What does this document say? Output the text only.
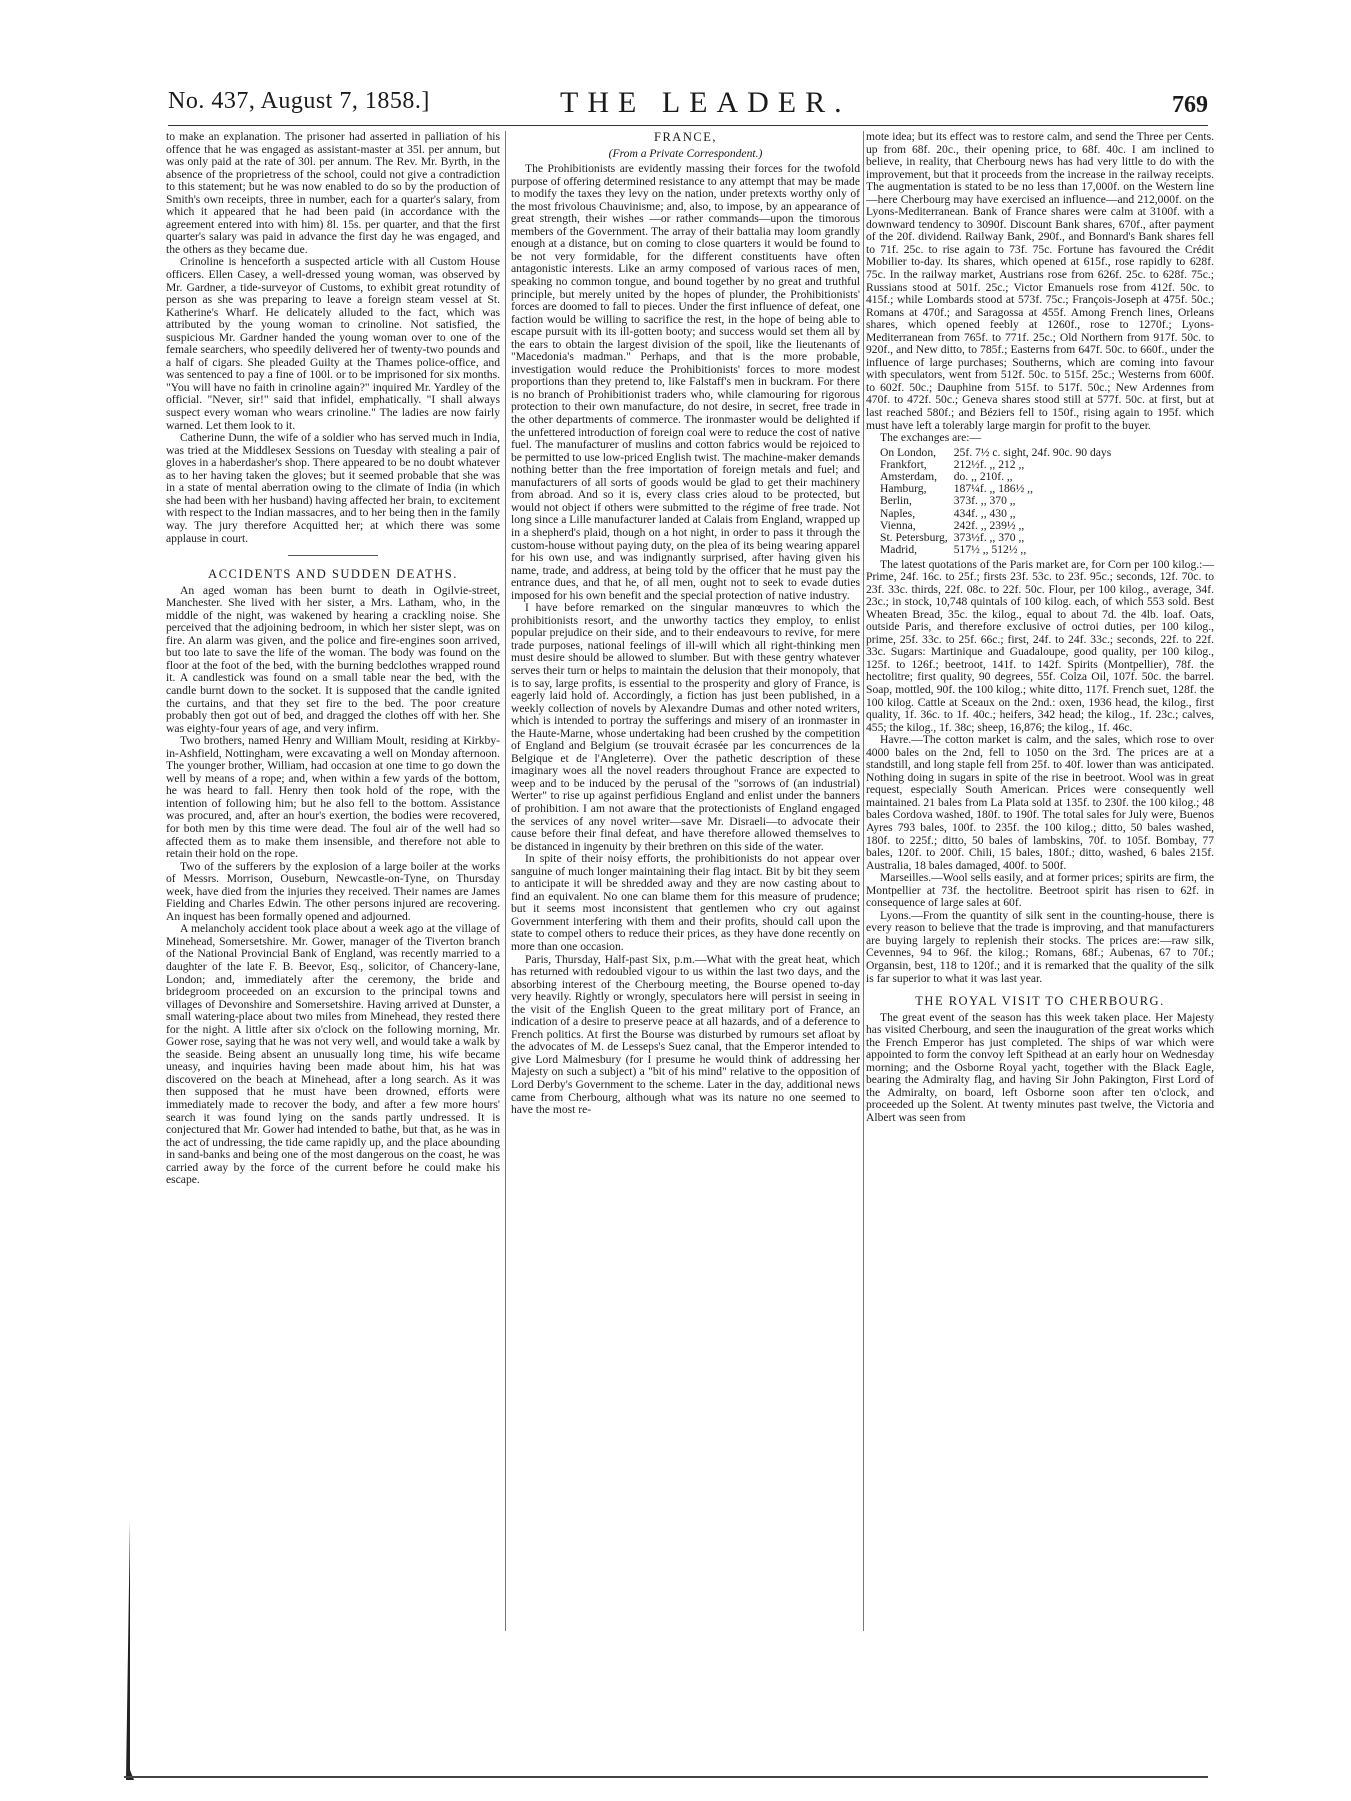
No. 437, August 7, 1858.]	THE LEADER.	769

to make an explanation. The prisoner had asserted in palliation of his offence that he was engaged as assistant-master at 35l. per annum, but was only paid at the rate of 30l. per annum. The Rev. Mr. Byrth, in the absence of the proprietress of the school, could not give a contradiction to this statement; but he was now enabled to do so by the production of Smith's own receipts, three in number, each for a quarter's salary, from which it appeared that he had been paid (in accordance with the agreement entered into with him) 8l. 15s. per quarter, and that the first quarter's salary was paid in advance the first day he was engaged, and the others as they became due.

Crinoline is henceforth a suspected article with all Custom House officers. Ellen Casey, a well-dressed young woman, was observed by Mr. Gardner, a tide-surveyor of Customs, to exhibit great rotundity of person as she was preparing to leave a foreign steam vessel at St. Katherine's Wharf. He delicately alluded to the fact, which was attributed by the young woman to crinoline. Not satisfied, the suspicious Mr. Gardner handed the young woman over to one of the female searchers, who speedily delivered her of twenty-two pounds and a half of cigars. She pleaded Guilty at the Thames police-office, and was sentenced to pay a fine of 100l. or to be imprisoned for six months. "You will have no faith in crinoline again?" inquired Mr. Yardley of the official. "Never, sir!" said that infidel, emphatically. "I shall always suspect every woman who wears crinoline." The ladies are now fairly warned. Let them look to it.

Catherine Dunn, the wife of a soldier who has served much in India, was tried at the Middlesex Sessions on Tuesday with stealing a pair of gloves in a haberdasher's shop. There appeared to be no doubt whatever as to her having taken the gloves; but it seemed probable that she was in a state of mental aberration owing to the climate of India (in which she had been with her husband) having affected her brain, to excitement with respect to the Indian massacres, and to her being then in the family way. The jury therefore Acquitted her; at which there was some applause in court.

ACCIDENTS AND SUDDEN DEATHS.

An aged woman has been burnt to death in Ogilvie-street, Manchester. She lived with her sister, a Mrs. Latham, who, in the middle of the night, was wakened by hearing a crackling noise. She perceived that the adjoining bedroom, in which her sister slept, was on fire. An alarm was given, and the police and fire-engines soon arrived, but too late to save the life of the woman. The body was found on the floor at the foot of the bed, with the burning bedclothes wrapped round it. A candlestick was found on a small table near the bed, with the candle burnt down to the socket. It is supposed that the candle ignited the curtains, and that they set fire to the bed. The poor creature probably then got out of bed, and dragged the clothes off with her. She was eighty-four years of age, and very infirm.

Two brothers, named Henry and William Moult, residing at Kirkby-in-Ashfield, Nottingham, were excavating a well on Monday afternoon. The younger brother, William, had occasion at one time to go down the well by means of a rope; and, when within a few yards of the bottom, he was heard to fall. Henry then took hold of the rope, with the intention of following him; but he also fell to the bottom. Assistance was procured, and, after an hour's exertion, the bodies were recovered, for both men by this time were dead. The foul air of the well had so affected them as to make them insensible, and therefore not able to retain their hold on the rope.

Two of the sufferers by the explosion of a large boiler at the works of Messrs. Morrison, Ouseburn, Newcastle-on-Tyne, on Thursday week, have died from the injuries they received. Their names are James Fielding and Charles Edwin. The other persons injured are recovering. An inquest has been formally opened and adjourned.

A melancholy accident took place about a week ago at the village of Minehead, Somersetshire. Mr. Gower, manager of the Tiverton branch of the National Provincial Bank of England, was recently married to a daughter of the late F. B. Beevor, Esq., solicitor, of Chancery-lane, London; and, immediately after the ceremony, the bride and bridegroom proceeded on an excursion to the principal towns and villages of Devonshire and Somersetshire. Having arrived at Dunster, a small watering-place about two miles from Minehead, they rested there for the night. A little after six o'clock on the following morning, Mr. Gower rose, saying that he was not very well, and would take a walk by the seaside. Being absent an unusually long time, his wife became uneasy, and inquiries having been made about him, his hat was discovered on the beach at Minehead, after a long search. As it was then supposed that he must have been drowned, efforts were immediately made to recover the body, and after a few more hours' search it was found lying on the sands partly undressed. It is conjectured that Mr. Gower had intended to bathe, but that, as he was in the act of undressing, the tide came rapidly up, and the place abounding in sand-banks and being one of the most dangerous on the coast, he was carried away by the force of the current before he could make his escape.

FRANCE,

(From a Private Correspondent.)

The Prohibitionists are evidently massing their forces for the twofold purpose of offering determined resistance to any attempt that may be made to modify the taxes they levy on the nation, under pretexts worthy only of the most frivolous Chauvinisme; and, also, to impose, by an appearance of great strength, their wishes —or rather commands—upon the timorous members of the Government. The array of their battalia may loom grandly enough at a distance, but on coming to close quarters it would be found to be not very formidable, for the different constituents have often antagonistic interests. Like an army composed of various races of men, speaking no common tongue, and bound together by no great and truthful principle, but merely united by the hopes of plunder, the Prohibitionists' forces are doomed to fall to pieces. Under the first influence of defeat, one faction would be willing to sacrifice the rest, in the hope of being able to escape pursuit with its ill-gotten booty; and success would set them all by the ears to obtain the largest division of the spoil, like the lieutenants of "Macedonia's madman." Perhaps, and that is the more probable, investigation would reduce the Prohibitionists' forces to more modest proportions than they pretend to, like Falstaff's men in buckram. For there is no branch of Prohibitionist traders who, while clamouring for rigorous protection to their own manufacture, do not desire, in secret, free trade in the other departments of commerce. The ironmaster would be delighted if the unfettered introduction of foreign coal were to reduce the cost of native fuel. The manufacturer of muslins and cotton fabrics would be rejoiced to be permitted to use low-priced English twist. The machine-maker demands nothing better than the free importation of foreign metals and fuel; and manufacturers of all sorts of goods would be glad to get their machinery from abroad. And so it is, every class cries aloud to be protected, but would not object if others were submitted to the régime of free trade. Not long since a Lille manufacturer landed at Calais from England, wrapped up in a shepherd's plaid, though on a hot night, in order to pass it through the custom-house without paying duty, on the plea of its being wearing apparel for his own use, and was indignantly surprised, after having given his name, trade, and address, at being told by the officer that he must pay the entrance dues, and that he, of all men, ought not to seek to evade duties imposed for his own benefit and the special protection of native industry.

I have before remarked on the singular manœuvres to which the prohibitionists resort, and the unworthy tactics they employ, to enlist popular prejudice on their side, and to their endeavours to revive, for mere trade purposes, national feelings of ill-will which all right-thinking men must desire should be allowed to slumber. But with these gentry whatever serves their turn or helps to maintain the delusion that their monopoly, that is to say, large profits, is essential to the prosperity and glory of France, is eagerly laid hold of. Accordingly, a fiction has just been published, in a weekly collection of novels by Alexandre Dumas and other noted writers, which is intended to portray the sufferings and misery of an ironmaster in the Haute-Marne, whose undertaking had been crushed by the competition of England and Belgium (se trouvait écrasée par les concurrences de la Belgique et de l'Angleterre). Over the pathetic description of these imaginary woes all the novel readers throughout France are expected to weep and to be induced by the perusal of the "sorrows of (an industrial) Werter" to rise up against perfidious England and enlist under the banners of prohibition. I am not aware that the protectionists of England engaged the services of any novel writer—save Mr. Disraeli—to advocate their cause before their final defeat, and have therefore allowed themselves to be distanced in ingenuity by their brethren on this side of the water.

In spite of their noisy efforts, the prohibitionists do not appear over sanguine of much longer maintaining their flag intact. Bit by bit they seem to anticipate it will be shredded away and they are now casting about to find an equivalent. No one can blame them for this measure of prudence; but it seems most inconsistent that gentlemen who cry out against Government interfering with them and their profits, should call upon the state to compel others to reduce their prices, as they have done recently on more than one occasion.

Paris, Thursday, Half-past Six, p.m.—What with the great heat, which has returned with redoubled vigour to us within the last two days, and the absorbing interest of the Cherbourg meeting, the Bourse opened to-day very heavily. Rightly or wrongly, speculators here will persist in seeing in the visit of the English Queen to the great military port of France, an indication of a desire to preserve peace at all hazards, and of a deference to French politics. At first the Bourse was disturbed by rumours set afloat by the advocates of M. de Lesseps's Suez canal, that the Emperor intended to give Lord Malmesbury (for I presume he would think of addressing her Majesty on such a subject) a "bit of his mind" relative to the opposition of Lord Derby's Government to the scheme. Later in the day, additional news came from Cherbourg, although what was its nature no one seemed to have the most re-

mote idea; but its effect was to restore calm, and send the Three per Cents. up from 68f. 20c., their opening price, to 68f. 40c. I am inclined to believe, in reality, that Cherbourg news has had very little to do with the improvement, but that it proceeds from the increase in the railway receipts. The augmentation is stated to be no less than 17,000f. on the Western line—here Cherbourg may have exercised an influence—and 212,000f. on the Lyons-Mediterranean. Bank of France shares were calm at 3100f. with a downward tendency to 3090f. Discount Bank shares, 670f., after payment of the 20f. dividend. Railway Bank, 290f., and Bonnard's Bank shares fell to 71f. 25c. to rise again to 73f. 75c. Fortune has favoured the Crédit Mobilier to-day. Its shares, which opened at 615f., rose rapidly to 628f. 75c. In the railway market, Austrians rose from 626f. 25c. to 628f. 75c.; Russians stood at 501f. 25c.; Victor Emanuels rose from 412f. 50c. to 415f.; while Lombards stood at 573f. 75c.; François-Joseph at 475f. 50c.; Romans at 470f.; and Saragossa at 455f. Among French lines, Orleans shares, which opened feebly at 1260f., rose to 1270f.; Lyons-Mediterranean from 765f. to 771f. 25c.; Old Northern from 917f. 50c. to 920f., and New ditto, to 785f.; Easterns from 647f. 50c. to 660f., under the influence of large purchases; Southerns, which are coming into favour with speculators, went from 512f. 50c. to 515f. 25c.; Westerns from 600f. to 602f. 50c.; Dauphine from 515f. to 517f. 50c.; New Ardennes from 470f. to 472f. 50c.; Geneva shares stood still at 577f. 50c. at first, but at last reached 580f.; and Béziers fell to 150f., rising again to 195f. which must have left a tolerably large margin for profit to the buyer.

The exchanges are:—

On London,	25f. 7½ c. sight, 24f. 90c. 90 days
Frankfort,	212½f. ,, 212 ,,
Amsterdam,	do. ,, 210f. ,,
Hamburg,	187¼f. ,, 186½ ,,
Berlin,	373f. ,, 370 ,,
Naples,	434f. ,, 430 ,,
Vienna,	242f. ,, 239½ ,,
St. Petersburg,	373½f. ,, 370 ,,
Madrid,	517½ ,, 512½ ,,

The latest quotations of the Paris market are, for Corn per 100 kilog.:— Prime, 24f. 16c. to 25f.; firsts 23f. 53c. to 23f. 95c.; seconds, 12f. 70c. to 23f. 33c. thirds, 22f. 08c. to 22f. 50c. Flour, per 100 kilog., average, 34f. 23c.; in stock, 10,748 quintals of 100 kilog. each, of which 553 sold. Best Wheaten Bread, 35c. the kilog., equal to about 7d. the 4lb. loaf. Oats, outside Paris, and therefore exclusive of octroi duties, per 100 kilog., prime, 25f. 33c. to 25f. 66c.; first, 24f. to 24f. 33c.; seconds, 22f. to 22f. 33c. Sugars: Martinique and Guadaloupe, good quality, per 100 kilog., 125f. to 126f.; beetroot, 141f. to 142f. Spirits (Montpellier), 78f. the hectolitre; first quality, 90 degrees, 55f. Colza Oil, 107f. 50c. the barrel. Soap, mottled, 90f. the 100 kilog.; white ditto, 117f. French suet, 128f. the 100 kilog. Cattle at Sceaux on the 2nd.: oxen, 1936 head, the kilog., first quality, 1f. 36c. to 1f. 40c.; heifers, 342 head; the kilog., 1f. 23c.; calves, 455; the kilog., 1f. 38c; sheep, 16,876; the kilog., 1f. 46c.

Havre.—The cotton market is calm, and the sales, which rose to over 4000 bales on the 2nd, fell to 1050 on the 3rd. The prices are at a standstill, and long staple fell from 25f. to 40f. lower than was anticipated. Nothing doing in sugars in spite of the rise in beetroot. Wool was in great request, especially South American. Prices were consequently well maintained. 21 bales from La Plata sold at 135f. to 230f. the 100 kilog.; 48 bales Cordova washed, 180f. to 190f. The total sales for July were, Buenos Ayres 793 bales, 100f. to 235f. the 100 kilog.; ditto, 50 bales washed, 180f. to 225f.; ditto, 50 bales of lambskins, 70f. to 105f. Bombay, 77 bales, 120f. to 200f. Chili, 15 bales, 180f.; ditto, washed, 6 bales 215f. Australia, 18 bales damaged, 400f. to 500f.

Marseilles.—Wool sells easily, and at former prices; spirits are firm, the Montpellier at 73f. the hectolitre. Beetroot spirit has risen to 62f. in consequence of large sales at 60f.

Lyons.—From the quantity of silk sent in the counting-house, there is every reason to believe that the trade is improving, and that manufacturers are buying largely to replenish their stocks. The prices are:—raw silk, Cevennes, 94 to 96f. the kilog.; Romans, 68f.; Aubenas, 67 to 70f.; Organsin, best, 118 to 120f.; and it is remarked that the quality of the silk is far superior to what it was last year.

THE ROYAL VISIT TO CHERBOURG.

The great event of the season has this week taken place. Her Majesty has visited Cherbourg, and seen the inauguration of the great works which the French Emperor has just completed. The ships of war which were appointed to form the convoy left Spithead at an early hour on Wednesday morning; and the Osborne Royal yacht, together with the Black Eagle, bearing the Admiralty flag, and having Sir John Pakington, First Lord of the Admiralty, on board, left Osborne soon after ten o'clock, and proceeded up the Solent. At twenty minutes past twelve, the Victoria and Albert was seen from
